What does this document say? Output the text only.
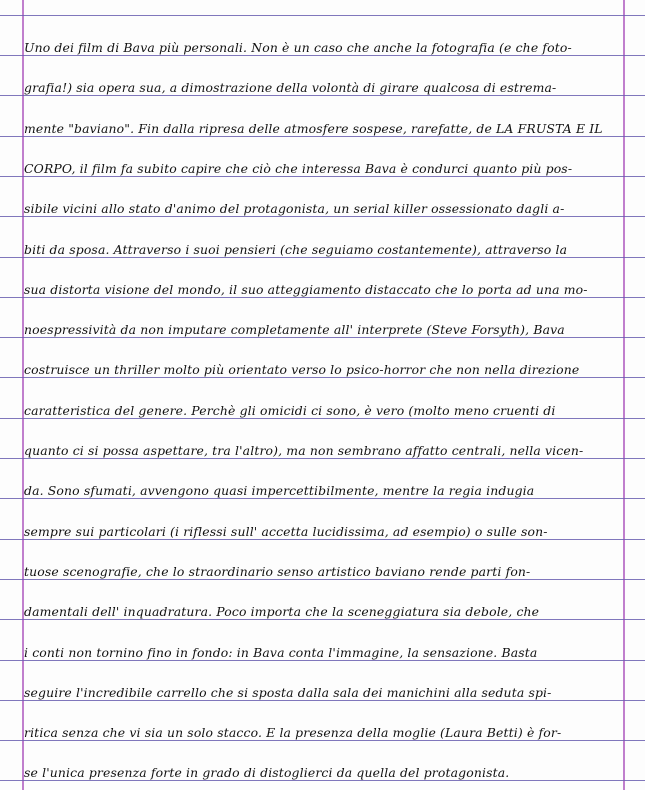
Uno dei film di Bava più personali. Non è un caso che anche la fotografia (e che foto-
grafia!) sia opera sua, a dimostrazione della volontà di girare qualcosa di estrema-
mente "baviano". Fin dalla ripresa delle atmosfere sospese, rarefatte, de LA FRUSTA E IL
CORPO, il film fa subito capire che ciò che interessa Bava è condurci quanto più pos-
sibile vicini allo stato d'animo del protagonista, un serial killer ossessionato dagli a-
biti da sposa. Attraverso i suoi pensieri (che seguiamo costantemente), attraverso la
sua distorta visione del mondo, il suo atteggiamento distaccato che lo porta ad una mo-
noespressività da non imputare completamente all' interprete (Steve Forsyth), Bava
costruisce un thriller molto più orientato verso lo psico-horror che non nella direzione
caratteristica del genere. Perchè gli omicidi ci sono, è vero (molto meno cruenti di
quanto ci si possa aspettare, tra l'altro), ma non sembrano affatto centrali, nella vicen-
da. Sono sfumati, avvengono quasi impercettibilmente, mentre la regia indugia
sempre sui particolari (i riflessi sull' accetta lucidissima, ad esempio) o sulle son-
tuose scenografie, che lo straordinario senso artistico baviano rende parti fon-
damentali dell' inquadratura. Poco importa che la sceneggiatura sia debole, che
i conti non tornino fino in fondo: in Bava conta l'immagine, la sensazione. Basta
seguire l'incredibile carrello che si sposta dalla sala dei manichini alla seduta spi-
ritica senza che vi sia un solo stacco. E la presenza della moglie (Laura Betti) è for-
se l'unica presenza forte in grado di distoglierci da quella del protagonista.
